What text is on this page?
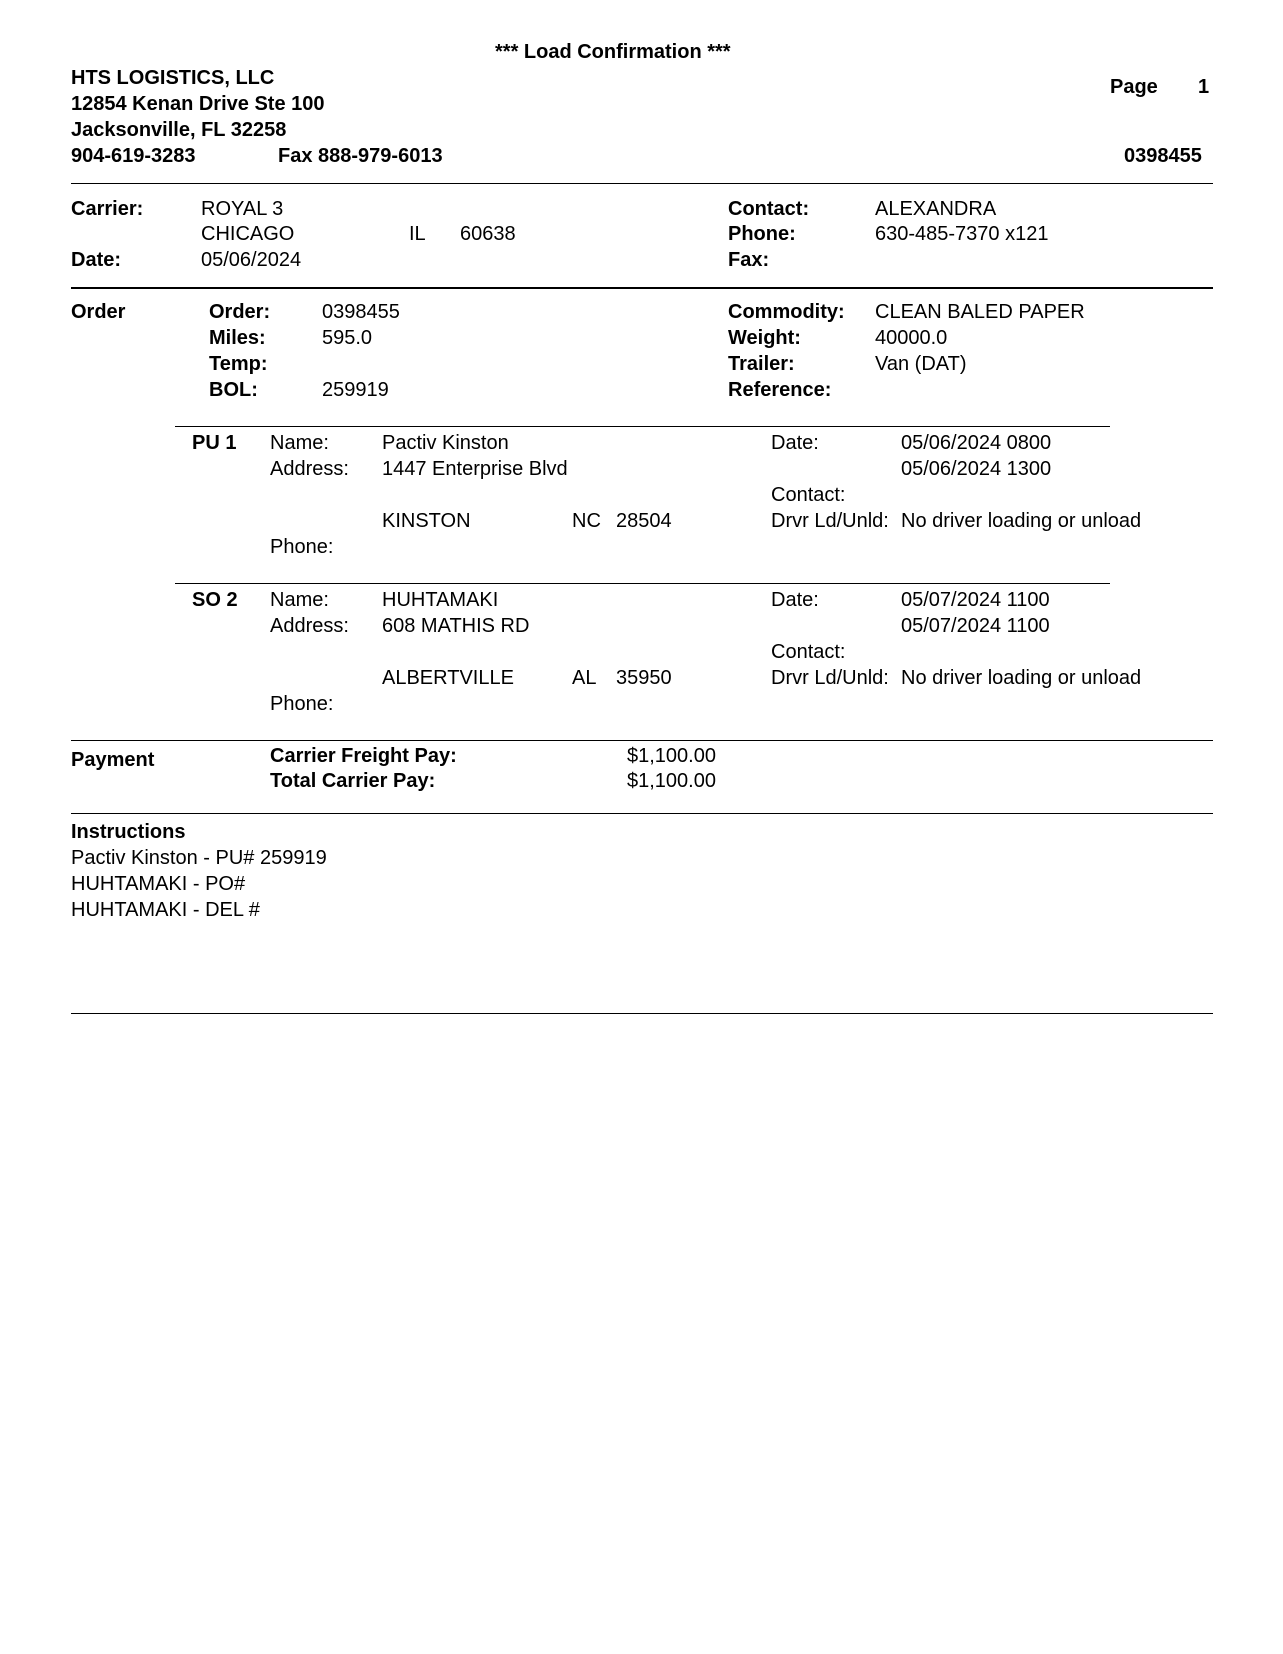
*** Load Confirmation ***
HTS LOGISTICS, LLC
12854 Kenan Drive Ste 100
Jacksonville, FL 32258
904-619-3283	Fax 888-979-6013
Page 1
0398455
Carrier:	ROYAL 3
CHICAGO	IL 60638
Date:	05/06/2024
Contact:	ALEXANDRA
Phone:	630-485-7370 x121
Fax:
Order	Order:	0398455
Miles:	595.0
Temp:
BOL:	259919
Commodity: CLEAN BALED PAPER
Weight:	40000.0
Trailer:	Van (DAT)
Reference:
PU 1 Name:	Pactiv Kinston
Address: 1447 Enterprise Blvd
KINSTON	NC 28504
Phone:
Date:	05/06/2024 0800
05/06/2024 1300
Contact:
Drvr Ld/Unld: No driver loading or unload
SO 2 Name:	HUHTAMAKI
Address: 608 MATHIS RD
ALBERTVILLE	AL 35950
Phone:
Date:	05/07/2024 1100
05/07/2024 1100
Contact:
Drvr Ld/Unld: No driver loading or unload
Payment	Carrier Freight Pay:	$1,100.00
Total Carrier Pay:	$1,100.00
Instructions
Pactiv Kinston - PU# 259919
HUHTAMAKI - PO#
HUHTAMAKI - DEL #
